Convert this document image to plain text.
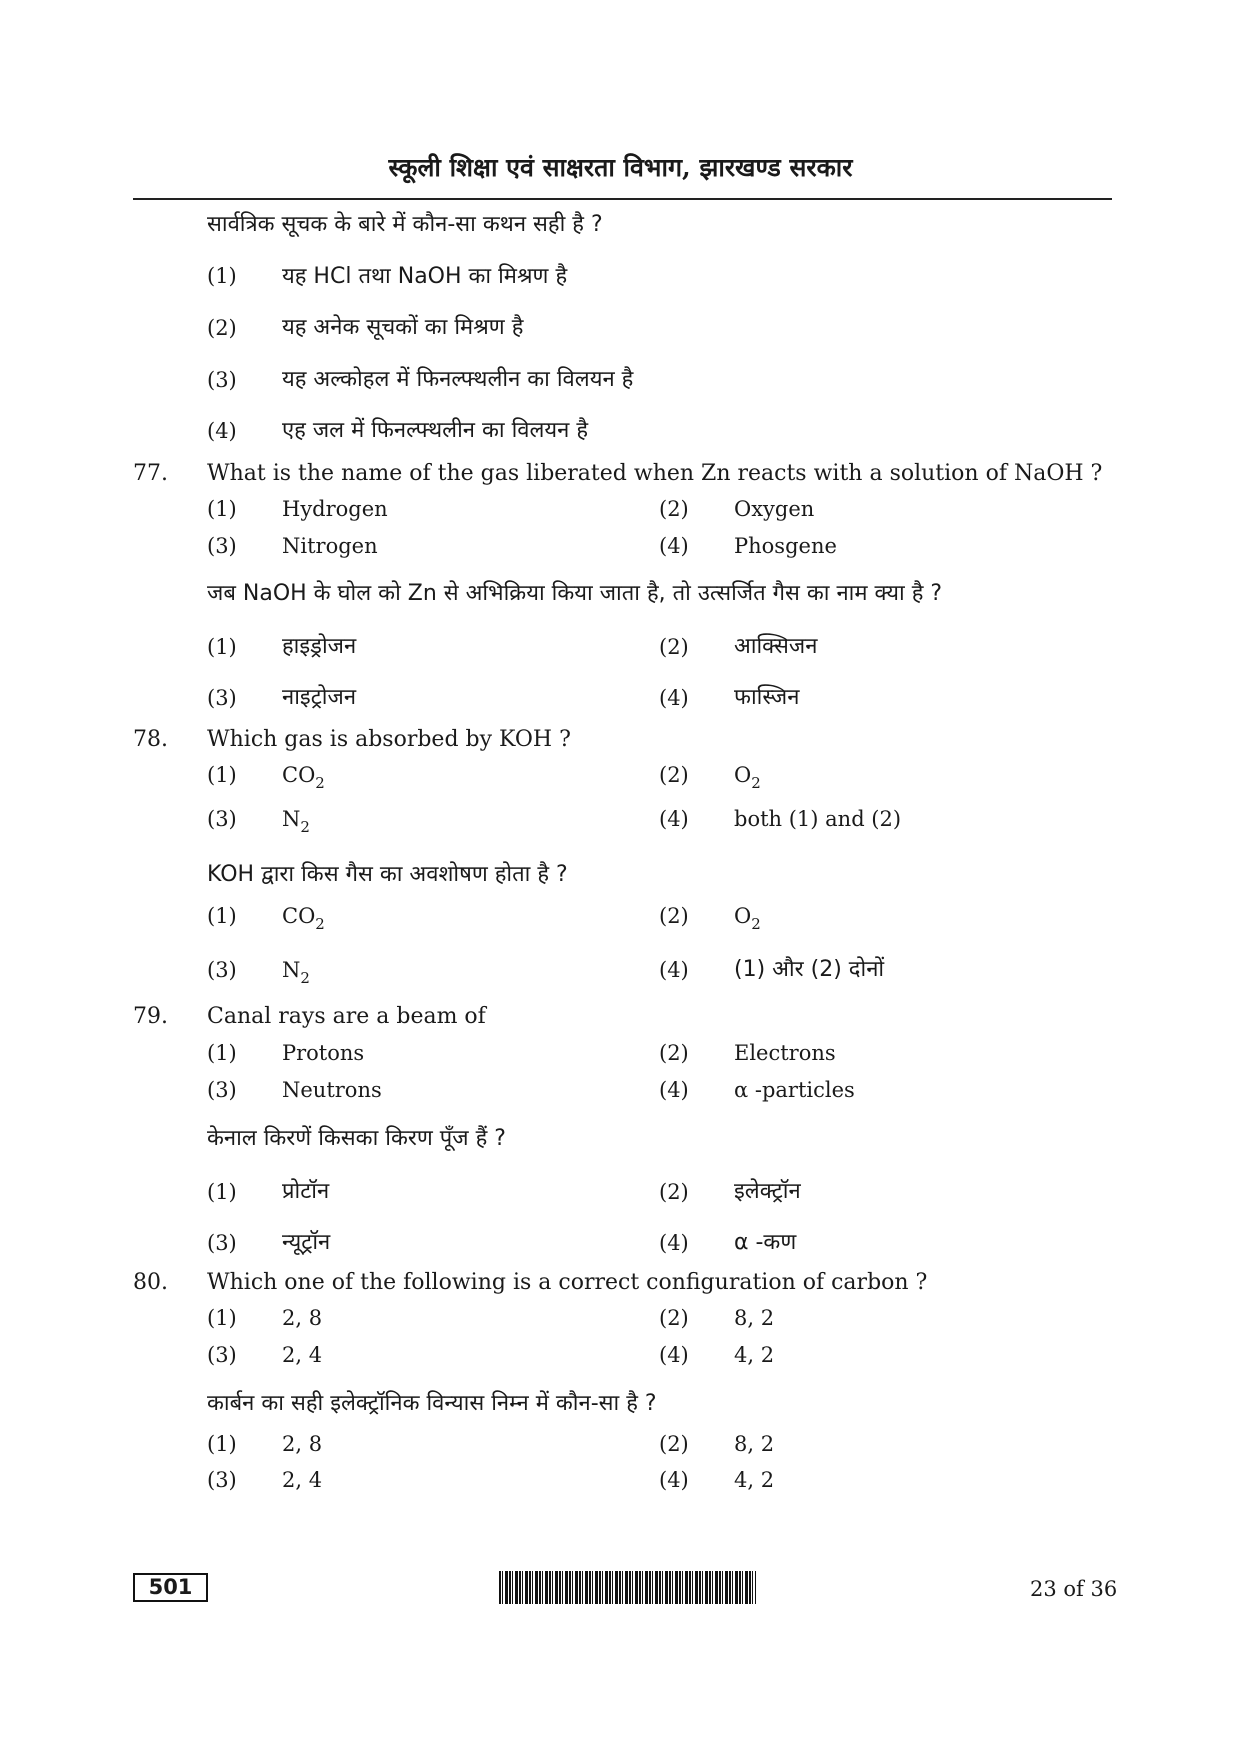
स्कूली शिक्षा एवं साक्षरता विभाग, झारखण्ड सरकार
सार्वत्रिक सूचक के बारे में कौन-सा कथन सही है ?
(1) यह HCl तथा NaOH का मिश्रण है
(2) यह अनेक सूचकों का मिश्रण है
(3) यह अल्कोहल में फिनल्फ्थलीन का विलयन है
(4) एह जल में फिनल्फ्थलीन का विलयन है
77. What is the name of the gas liberated when Zn reacts with a solution of NaOH ?
(1) Hydrogen	(2) Oxygen
(3) Nitrogen	(4) Phosgene
जब NaOH के घोल को Zn से अभिक्रिया किया जाता है, तो उत्सर्जित गैस का नाम क्या है ?
(1) हाइड्रोजन	(2) आक्सिजन
(3) नाइट्रोजन	(4) फास्जिन
78. Which gas is absorbed by KOH ?
(1) $CO_2$	(2) $O_2$
(3) $N_2$	(4) both (1) and (2)
KOH द्वारा किस गैस का अवशोषण होता है ?
(1) $CO_2$	(2) $O_2$
(3) $N_2$	(4) (1) और (2) दोनों
79. Canal rays are a beam of
(1) Protons	(2) Electrons
(3) Neutrons	(4) α -particles
केनाल किरणें किसका किरण पूँज हैं ?
(1) प्रोटॉन	(2) इलेक्ट्रॉन
(3) न्यूट्रॉन	(4) α -कण
80. Which one of the following is a correct configuration of carbon ?
(1) 2, 8	(2) 8, 2
(3) 2, 4	(4) 4, 2
कार्बन का सही इलेक्ट्रॉनिक विन्यास निम्न में कौन-सा है ?
(1) 2, 8	(2) 8, 2
(3) 2, 4	(4) 4, 2
501	23 of 36
